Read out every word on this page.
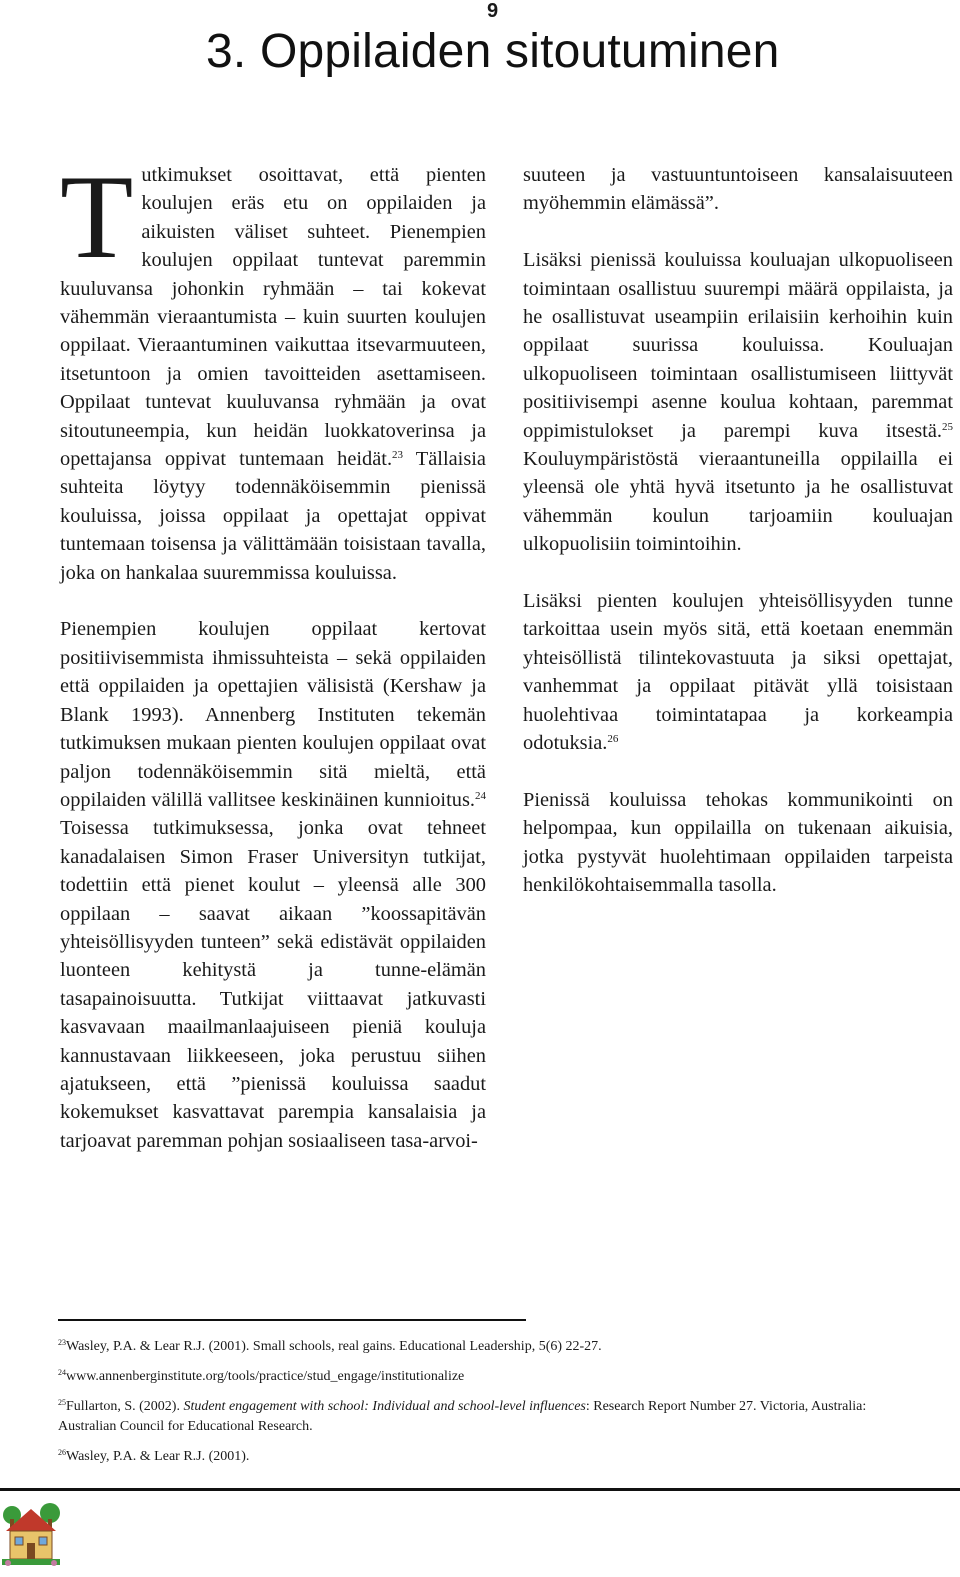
9
3. Oppilaiden sitoutuminen

Tutkimukset osoittavat, että pienten koulujen eräs etu on oppilaiden ja aikuisten väliset suhteet. Pienempien koulujen oppilaat tuntevat paremmin kuuluvansa johonkin ryhmään – tai kokevat vähemmän vieraantumista – kuin suurten koulujen oppilaat. Vieraantuminen vaikuttaa itsevarmuuteen, itsetuntoon ja omien tavoitteiden asettamiseen. Oppilaat tuntevat kuuluvansa ryhmään ja ovat sitoutuneempia, kun heidän luokkatoverinsa ja opettajansa oppivat tuntemaan heidät.$^{23}$ Tällaisia suhteita löytyy todennäköisemmin pienissä kouluissa, joissa oppilaat ja opettajat oppivat tuntemaan toisensa ja välittämään toisistaan tavalla, joka on hankalaa suuremmissa kouluissa.

Pienempien koulujen oppilaat kertovat positiivisemmista ihmissuhteista – sekä oppilaiden että oppilaiden ja opettajien välisistä (Kershaw ja Blank 1993). Annenberg Instituten tekemän tutkimuksen mukaan pienten koulujen oppilaat ovat paljon todennäköisemmin sitä mieltä, että oppilaiden välillä vallitsee keskinäinen kunnioitus.$^{24}$ Toisessa tutkimuksessa, jonka ovat tehneet kanadalaisen Simon Fraser Universityn tutkijat, todettiin että pienet koulut – yleensä alle 300 oppilaan – saavat aikaan ”koossapitävän yhteisöllisyyden tunteen” sekä edistävät oppilaiden luonteen kehitystä ja tunne-elämän tasapainoisuutta. Tutkijat viittaavat jatkuvasti kasvavaan maailmanlaajuiseen pieniä kouluja kannustavaan liikkeeseen, joka perustuu siihen ajatukseen, että ”pienissä kouluissa saadut kokemukset kasvattavat parempia kansalaisia ja tarjoavat paremman pohjan sosiaaliseen tasa-arvoi-

suuteen ja vastuuntuntoiseen kansalaisuuteen myöhemmin elämässä”.

Lisäksi pienissä kouluissa kouluajan ulkopuoliseen toimintaan osallistuu suurempi määrä oppilaista, ja he osallistuvat useampiin erilaisiin kerhoihin kuin oppilaat suurissa kouluissa. Kouluajan ulkopuoliseen toimintaan osallistumiseen liittyvät positiivisempi asenne koulua kohtaan, paremmat oppimistulokset ja parempi kuva itsestä.$^{25}$ Kouluympäristöstä vieraantuneilla oppilailla ei yleensä ole yhtä hyvä itsetunto ja he osallistuvat vähemmän koulun tarjoamiin kouluajan ulkopuolisiin toimintoihin.

Lisäksi pienten koulujen yhteisöllisyyden tunne tarkoittaa usein myös sitä, että koetaan enemmän yhteisöllistä tilintekovastuuta ja siksi opettajat, vanhemmat ja oppilaat pitävät yllä toisistaan huolehtivaa toimintatapaa ja korkeampia odotuksia.$^{26}$

Pienissä kouluissa tehokas kommunikointi on helpompaa, kun oppilailla on tukenaan aikuisia, jotka pystyvät huolehtimaan oppilaiden tarpeista henkilökohtaisemmalla tasolla.

$^{23}$Wasley, P.A. & Lear R.J. (2001). Small schools, real gains. Educational Leadership, 5(6) 22-27.

$^{24}$www.annenberginstitute.org/tools/practice/stud_engage/institutionalize

$^{25}$Fullarton, S. (2002). Student engagement with school: Individual and school-level influences: Research Report Number 27. Victoria, Australia: Australian Council for Educational Research.

$^{26}$Wasley, P.A. & Lear R.J. (2001).
